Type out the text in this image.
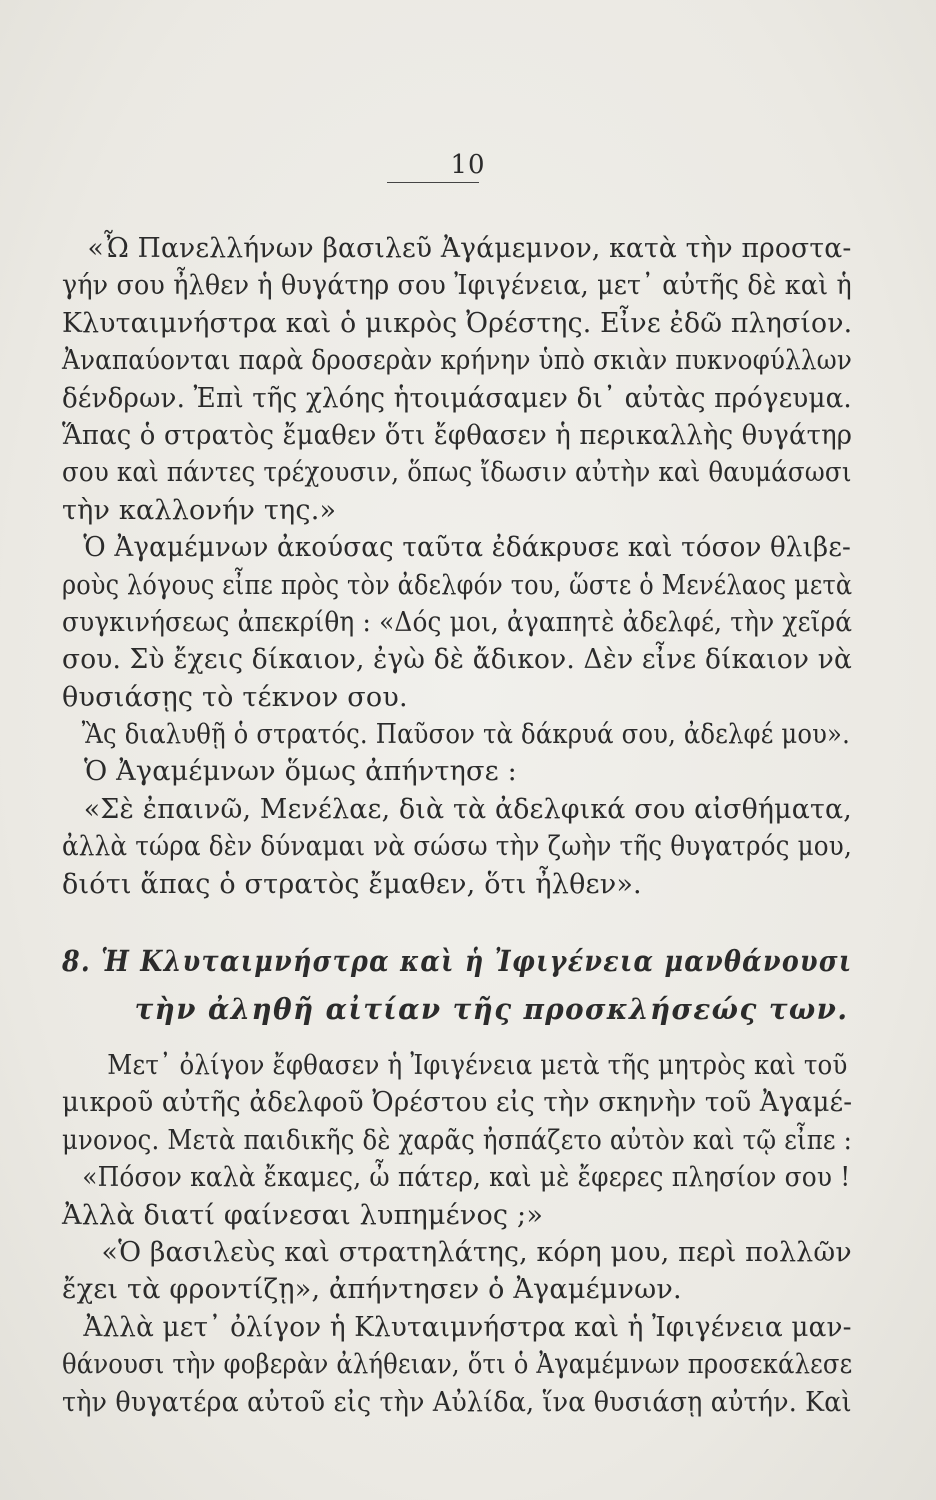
10
«Ὦ Πανελλήνων βασιλεῦ Ἀγάμεμνον, κατὰ τὴν προστα-
γήν σου ἦλθεν ἡ θυγάτηρ σου Ἰφιγένεια, μετ᾽ αὐτῆς δὲ καὶ ἡ
Κλυταιμνήστρα καὶ ὁ μικρὸς Ὀρέστης. Εἶνε ἐδῶ πλησίον.
Ἀναπαύονται παρὰ δροσερὰν κρήνην ὑπὸ σκιὰν πυκνοφύλλων
δένδρων. Ἐπὶ τῆς χλόης ἡτοιμάσαμεν δι᾽ αὐτὰς πρόγευμα.
Ἅπας ὁ στρατὸς ἔμαθεν ὅτι ἔφθασεν ἡ περικαλλὴς θυγάτηρ
σου καὶ πάντες τρέχουσιν, ὅπως ἴδωσιν αὐτὴν καὶ θαυμάσωσι
τὴν καλλονήν της.»
Ὁ Ἀγαμέμνων ἀκούσας ταῦτα ἐδάκρυσε καὶ τόσον θλιβε-
ροὺς λόγους εἶπε πρὸς τὸν ἀδελφόν του, ὥστε ὁ Μενέλαος μετὰ
συγκινήσεως ἀπεκρίθη : «Δός μοι, ἀγαπητὲ ἀδελφέ, τὴν χεῖρά
σου. Σὺ ἔχεις δίκαιον, ἐγὼ δὲ ἄδικον. Δὲν εἶνε δίκαιον νὰ
θυσιάσῃς τὸ τέκνον σου.
Ἂς διαλυθῇ ὁ στρατός. Παῦσον τὰ δάκρυά σου, ἀδελφέ μου».
Ὁ Ἀγαμέμνων ὅμως ἀπήντησε :
«Σὲ ἐπαινῶ, Μενέλαε, διὰ τὰ ἀδελφικά σου αἰσθήματα,
ἀλλὰ τώρα δὲν δύναμαι νὰ σώσω τὴν ζωὴν τῆς θυγατρός μου,
διότι ἅπας ὁ στρατὸς ἔμαθεν, ὅτι ἦλθεν».
8. Ἡ Κλυταιμνήστρα καὶ ἡ Ἰφιγένεια μανθάνουσι
τὴν ἀληθῆ αἰτίαν τῆς προσκλήσεώς των.
Μετ᾽ ὀλίγον ἔφθασεν ἡ Ἰφιγένεια μετὰ τῆς μητρὸς καὶ τοῦ
μικροῦ αὐτῆς ἀδελφοῦ Ὀρέστου εἰς τὴν σκηνὴν τοῦ Ἀγαμέ-
μνονος. Μετὰ παιδικῆς δὲ χαρᾶς ἠσπάζετο αὐτὸν καὶ τῷ εἶπε :
«Πόσον καλὰ ἔκαμες, ὦ πάτερ, καὶ μὲ ἔφερες πλησίον σου !
Ἀλλὰ διατί φαίνεσαι λυπημένος ;»
«Ὁ βασιλεὺς καὶ στρατηλάτης, κόρη μου, περὶ πολλῶν
ἔχει τὰ φροντίζῃ», ἀπήντησεν ὁ Ἀγαμέμνων.
Ἀλλὰ μετ᾽ ὀλίγον ἡ Κλυταιμνήστρα καὶ ἡ Ἰφιγένεια μαν-
θάνουσι τὴν φοβερὰν ἀλήθειαν, ὅτι ὁ Ἀγαμέμνων προσεκάλεσε
τὴν θυγατέρα αὐτοῦ εἰς τὴν Αὐλίδα, ἵνα θυσιάσῃ αὐτήν. Καὶ
